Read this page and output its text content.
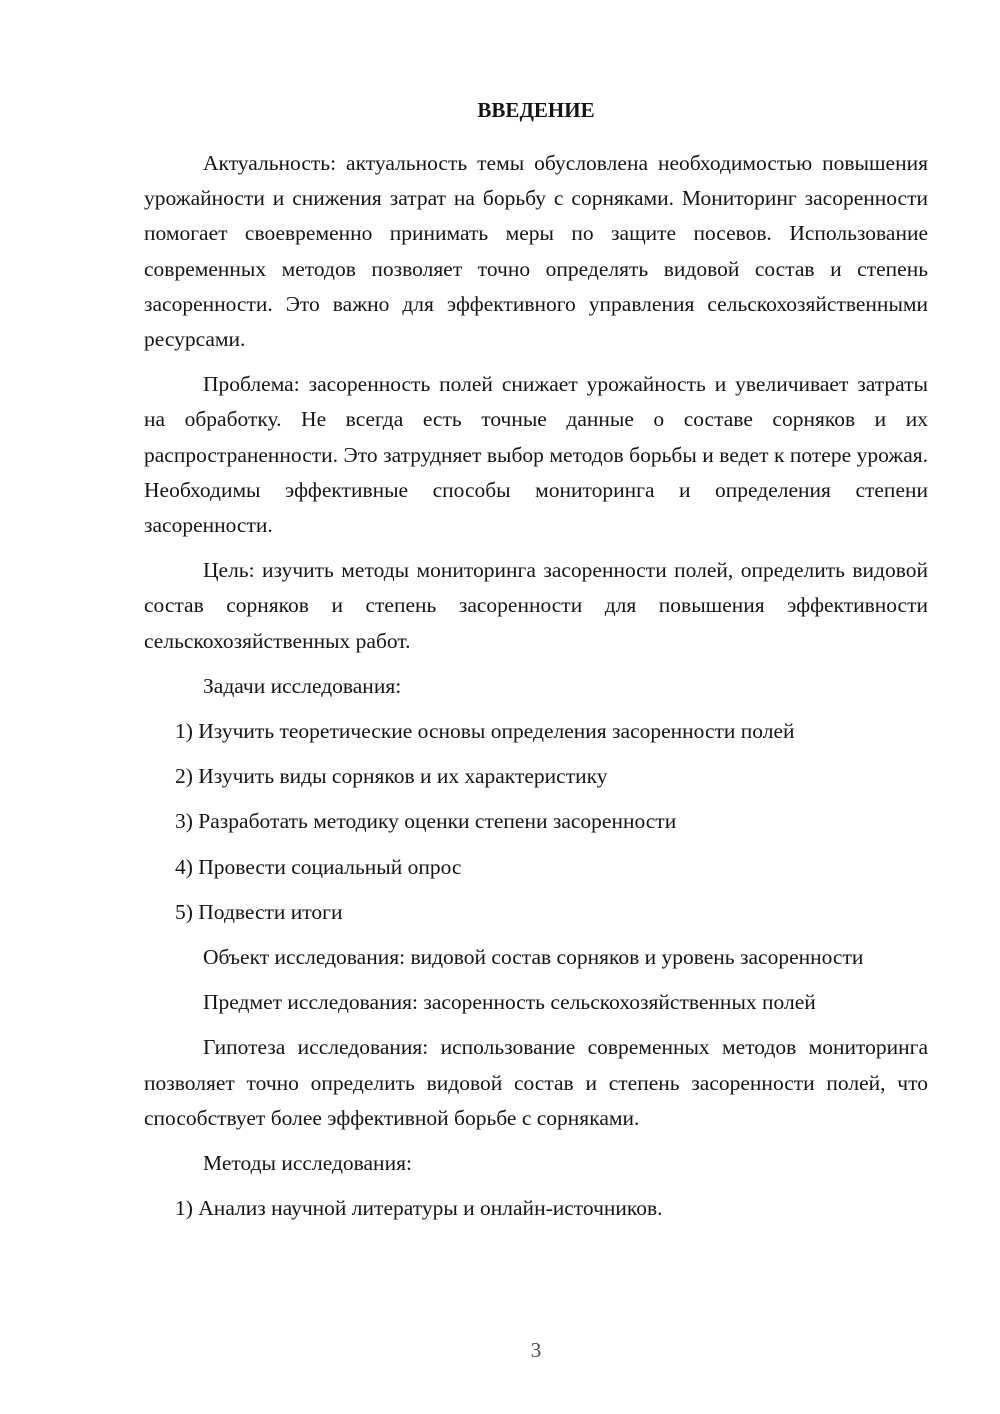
ВВЕДЕНИЕ
Актуальность: актуальность темы обусловлена необходимостью повышения урожайности и снижения затрат на борьбу с сорняками. Мониторинг засоренности помогает своевременно принимать меры по защите посевов. Использование современных методов позволяет точно определять видовой состав и степень засоренности. Это важно для эффективного управления сельскохозяйственными ресурсами.
Проблема: засоренность полей снижает урожайность и увеличивает затраты на обработку. Не всегда есть точные данные о составе сорняков и их распространенности. Это затрудняет выбор методов борьбы и ведет к потере урожая. Необходимы эффективные способы мониторинга и определения степени засоренности.
Цель: изучить методы мониторинга засоренности полей, определить видовой состав сорняков и степень засоренности для повышения эффективности сельскохозяйственных работ.
Задачи исследования:
1) Изучить теоретические основы определения засоренности полей
2) Изучить виды сорняков и их характеристику
3) Разработать методику оценки степени засоренности
4) Провести социальный опрос
5) Подвести итоги
Объект исследования: видовой состав сорняков и уровень засоренности
Предмет исследования: засоренность сельскохозяйственных полей
Гипотеза исследования: использование современных методов мониторинга позволяет точно определить видовой состав и степень засоренности полей, что способствует более эффективной борьбе с сорняками.
Методы исследования:
1) Анализ научной литературы и онлайн-источников.
3
